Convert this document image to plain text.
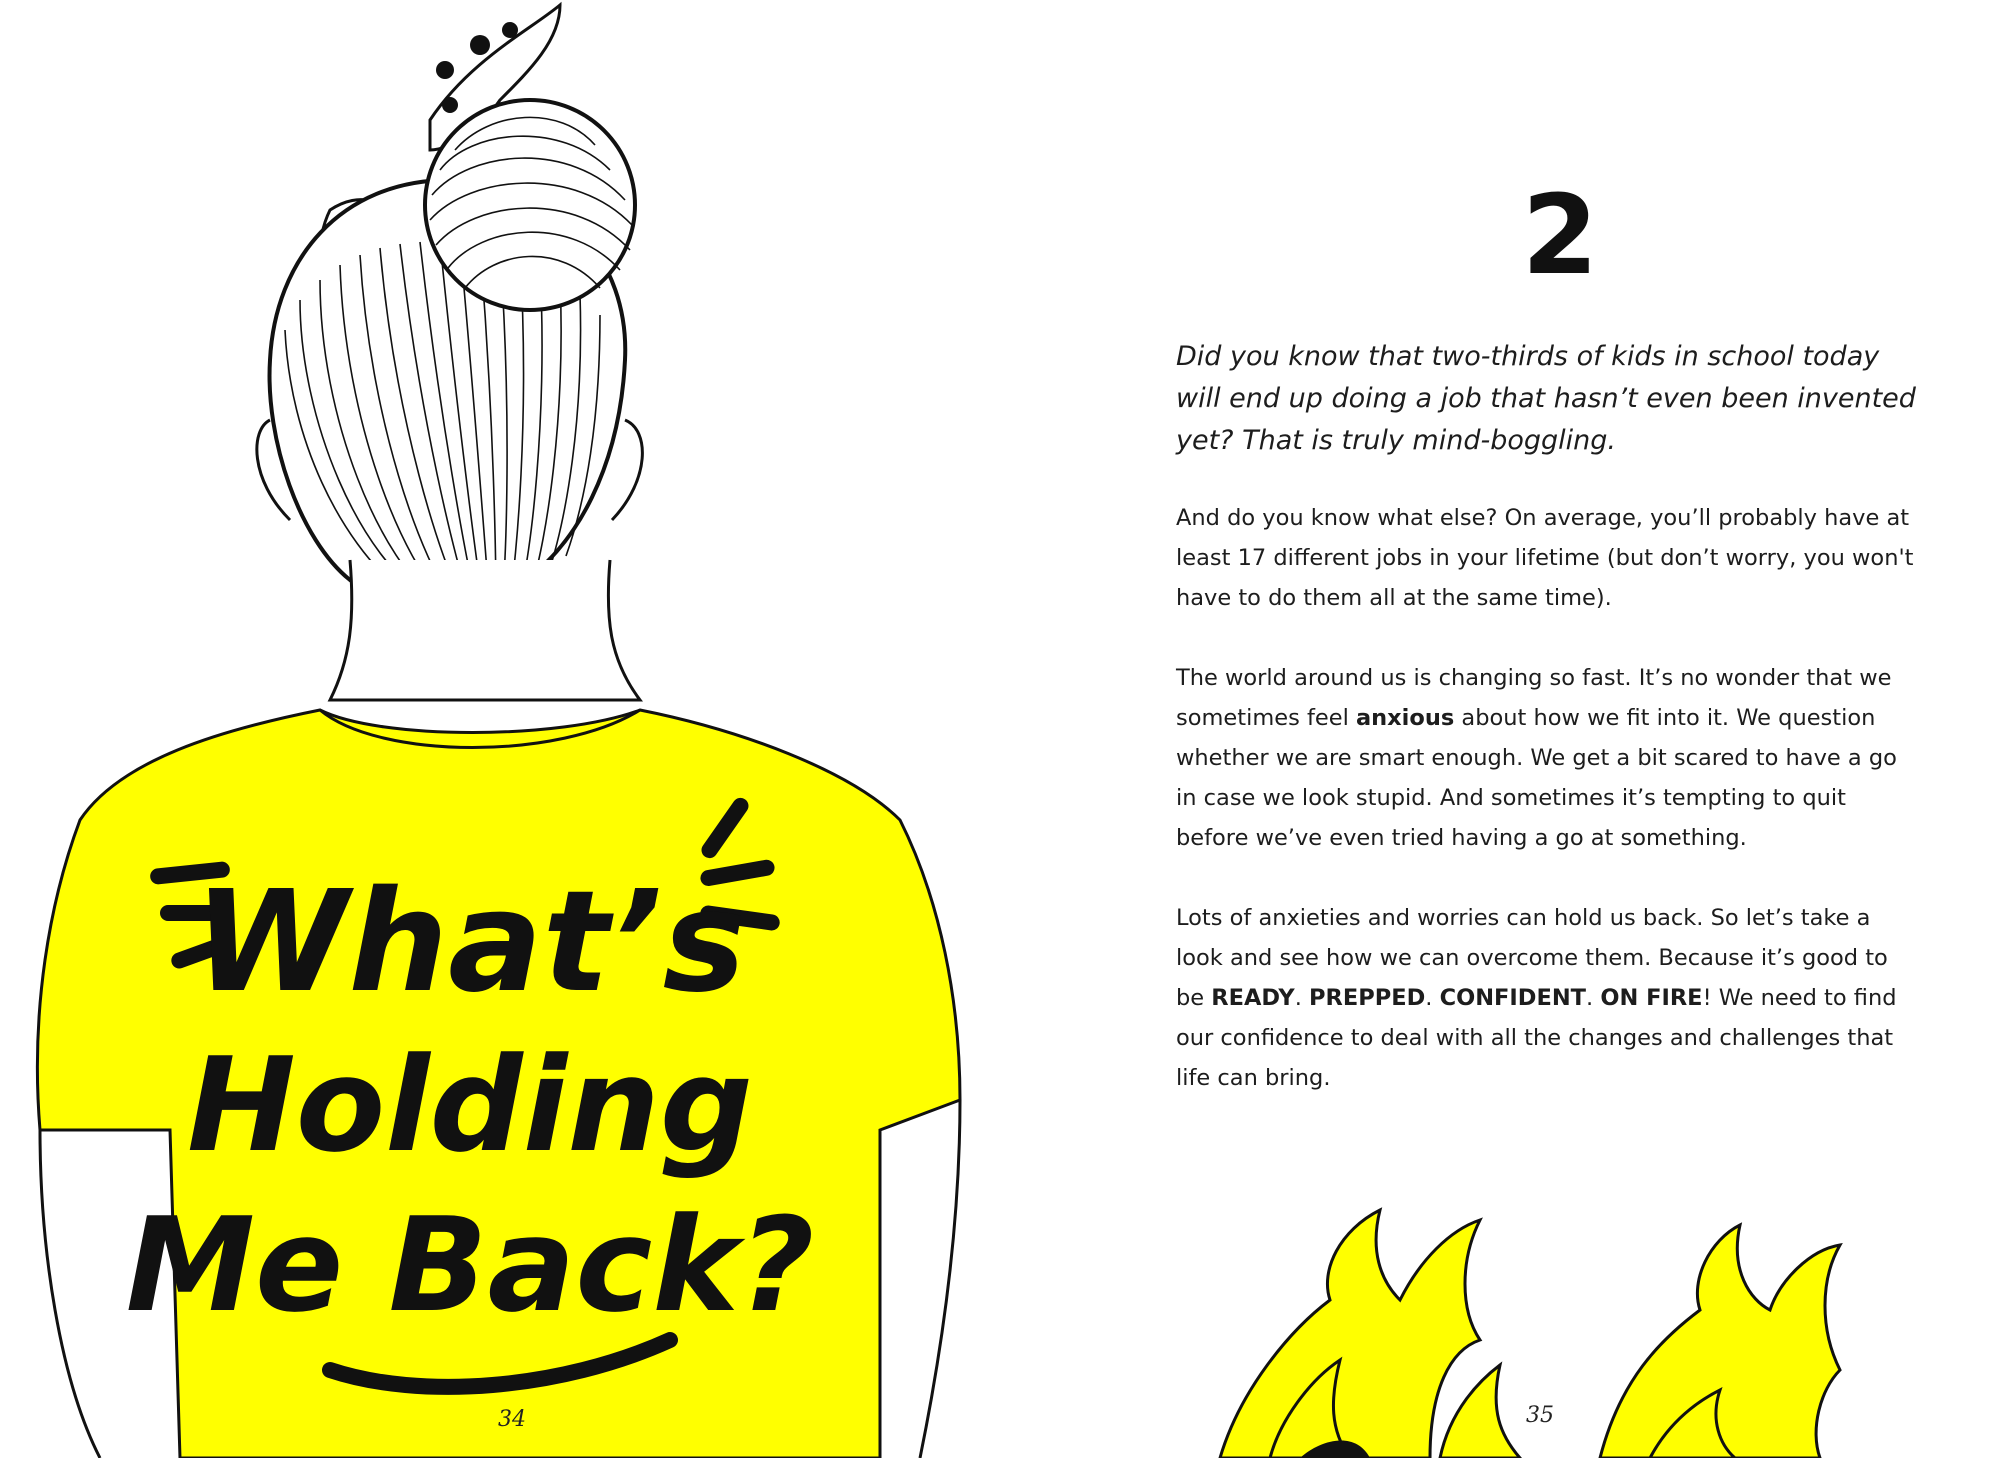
What’s
Holding
Me Back?
34
2

Did you know that two-thirds of kids in school today will end up doing a job that hasn’t even been invented yet? That is truly mind-boggling.

And do you know what else? On average, you’ll probably have at least 17 different jobs in your lifetime (but don’t worry, you won't have to do them all at the same time).

The world around us is changing so fast. It’s no wonder that we sometimes feel anxious about how we fit into it. We question whether we are smart enough. We get a bit scared to have a go in case we look stupid. And sometimes it’s tempting to quit before we’ve even tried having a go at something.

Lots of anxieties and worries can hold us back. So let’s take a look and see how we can overcome them. Because it’s good to be READY. PREPPED. CONFIDENT. ON FIRE! We need to find our confidence to deal with all the changes and challenges that life can bring.

35
